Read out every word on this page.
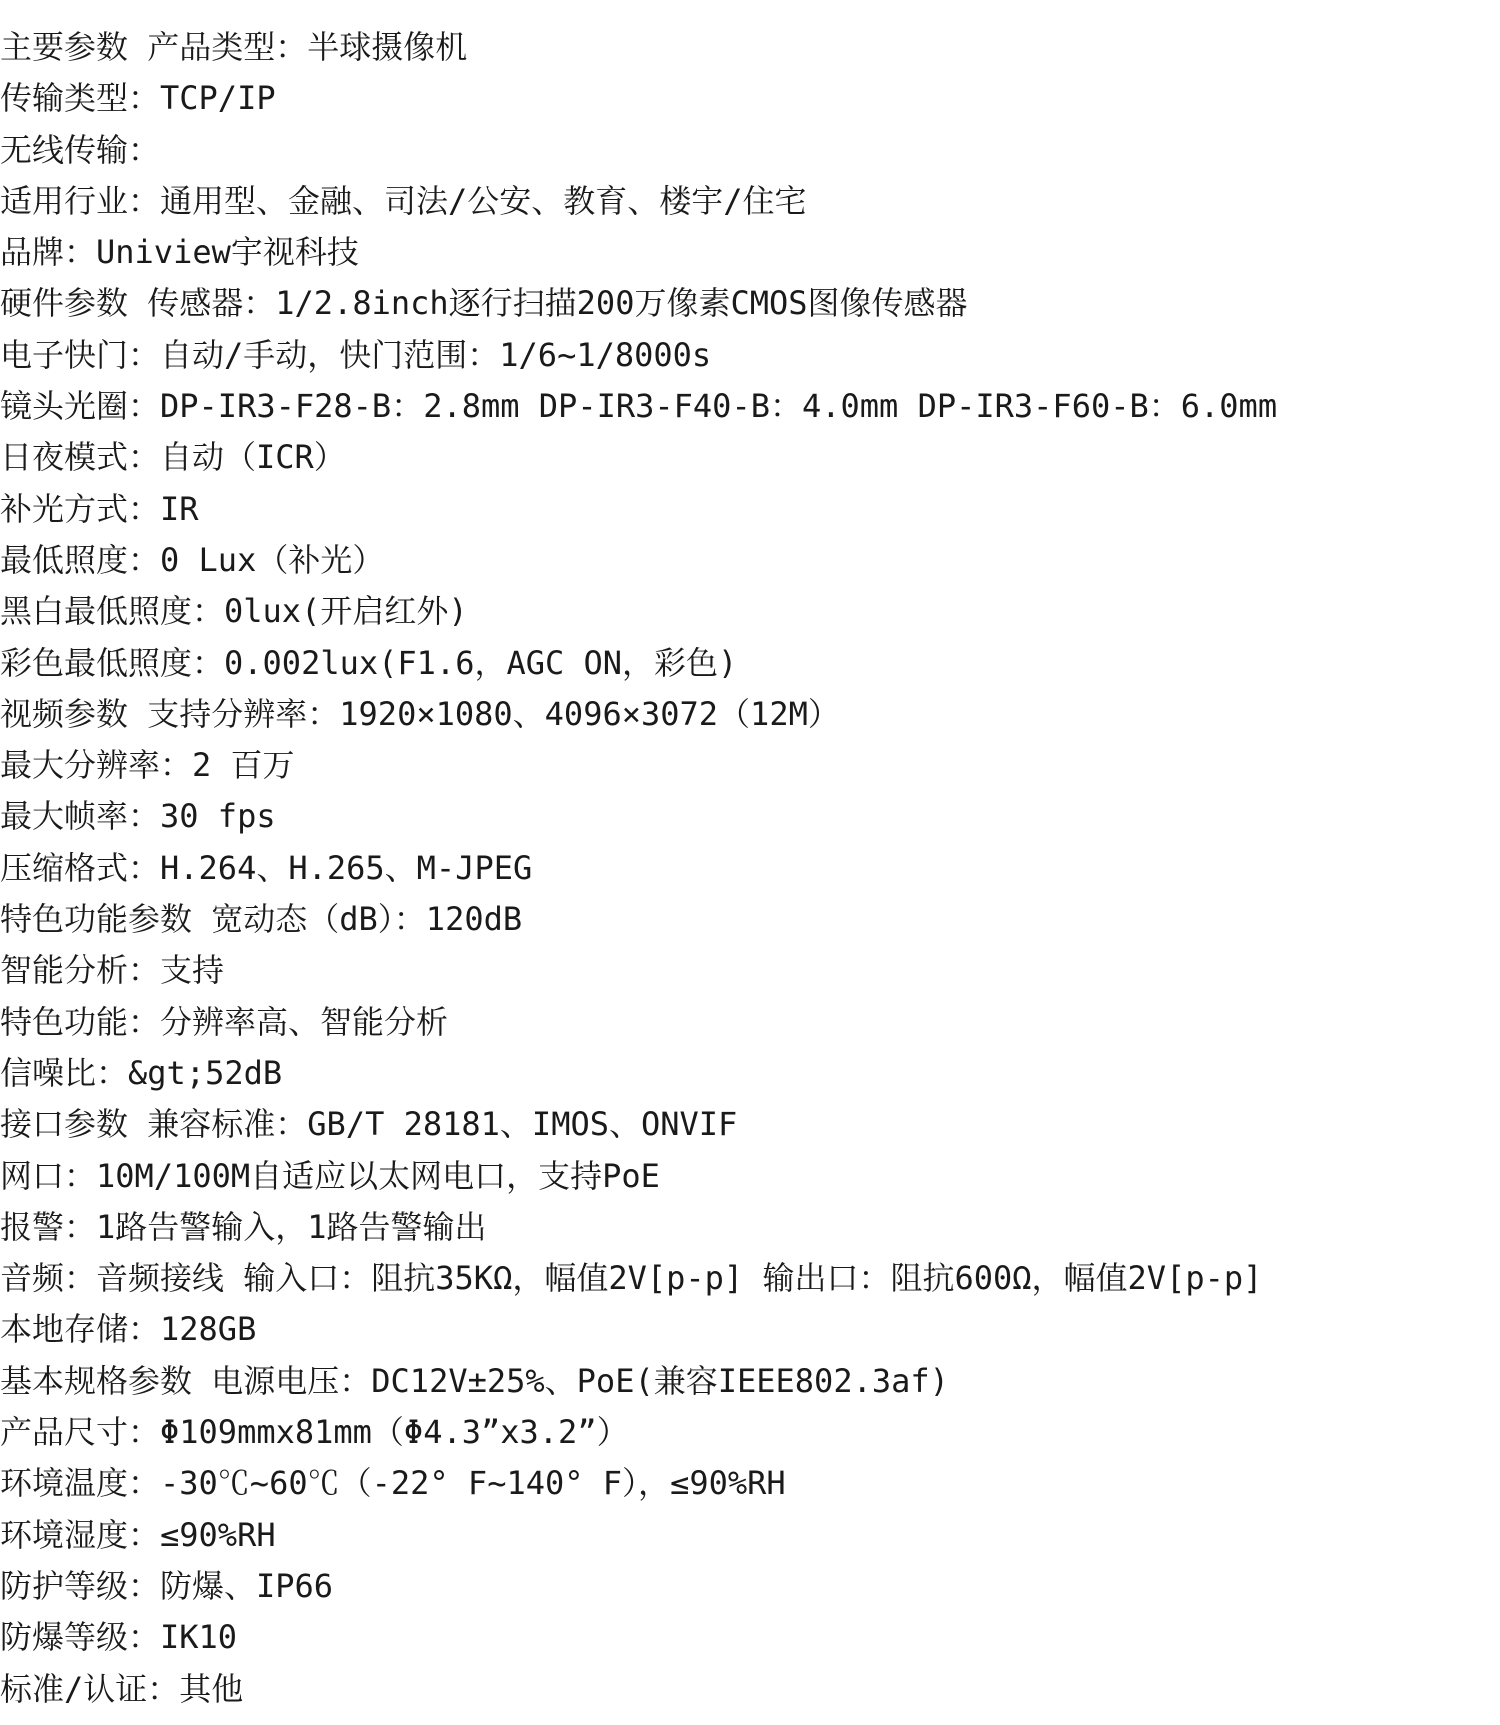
主要参数 产品类型：半球摄像机
传输类型：TCP/IP
无线传输：
适用行业：通用型、金融、司法/公安、教育、楼宇/住宅
品牌：Uniview宇视科技
硬件参数 传感器：1/2.8inch逐行扫描200万像素CMOS图像传感器
电子快门：自动/手动，快门范围：1/6~1/8000s
镜头光圈：DP-IR3-F28-B：2.8mm DP-IR3-F40-B：4.0mm DP-IR3-F60-B：6.0mm
日夜模式：自动（ICR）
补光方式：IR
最低照度：0 Lux（补光）
黑白最低照度：0lux(开启红外)
彩色最低照度：0.002lux(F1.6，AGC ON，彩色)
视频参数 支持分辨率：1920×1080、4096×3072（12M）
最大分辨率：2 百万
最大帧率：30 fps
压缩格式：H.264、H.265、M-JPEG
特色功能参数 宽动态（dB）：120dB
智能分析：支持
特色功能：分辨率高、智能分析
信噪比：&gt;52dB
接口参数 兼容标准：GB/T 28181、IMOS、ONVIF
网口：10M/100M自适应以太网电口，支持PoE
报警：1路告警输入，1路告警输出
音频：音频接线 输入口：阻抗35KΩ，幅值2V[p-p] 输出口：阻抗600Ω，幅值2V[p-p]
本地存储：128GB
基本规格参数 电源电压：DC12V±25%、PoE(兼容IEEE802.3af)
产品尺寸：Φ109mmx81mm（Φ4.3”x3.2”）
环境温度：-30℃~60℃（-22° F~140° F），≤90%RH
环境湿度：≤90%RH
防护等级：防爆、IP66
防爆等级：IK10
标准/认证：其他
